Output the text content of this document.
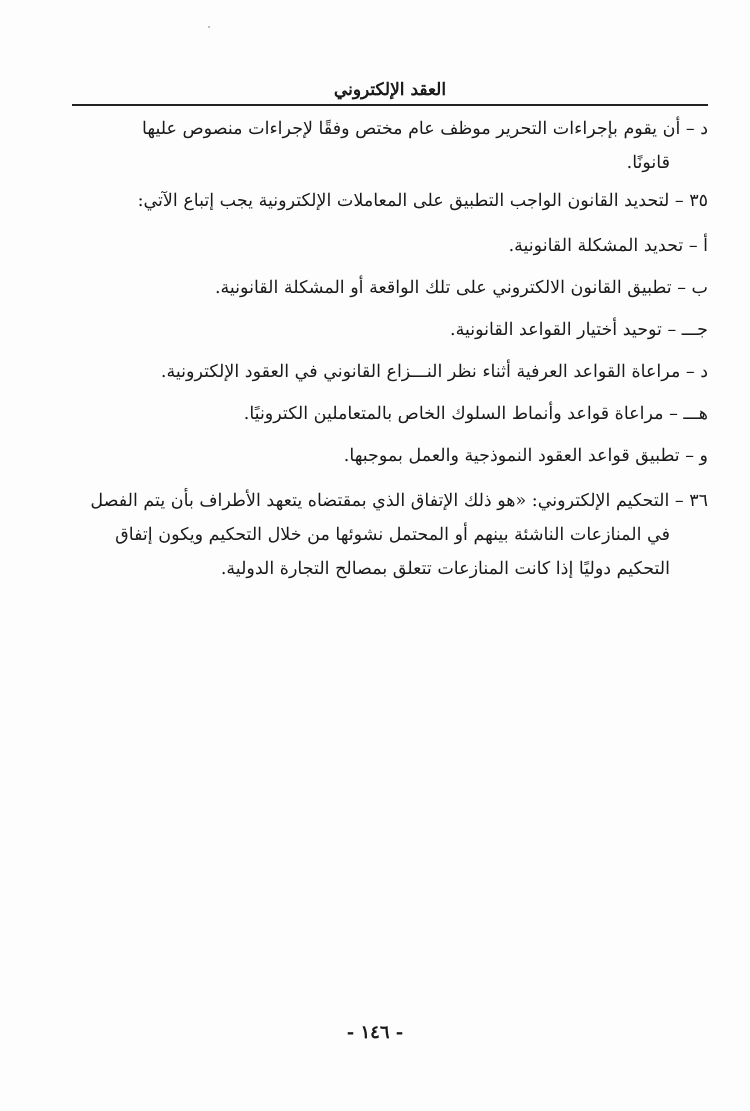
العقد الإلكتروني
د – أن يقوم بإجراءات التحرير موظف عام مختص وفقًا لإجراءات منصوص عليها
قانونًا.
٣٥ – لتحديد القانون الواجب التطبيق على المعاملات الإلكترونية يجب إتباع الآتي:
أ – تحديد المشكلة القانونية.
ب – تطبيق القانون الالكتروني على تلك الواقعة أو المشكلة القانونية.
جـــ – توحيد أختيار القواعد القانونية.
د – مراعاة القواعد العرفية أثناء نظر النـــزاع القانوني في العقود الإلكترونية.
هـــ – مراعاة قواعد وأنماط السلوك الخاص بالمتعاملين الكترونيًا.
و – تطبيق قواعد العقود النموذجية والعمل بموجبها.
٣٦ – التحكيم الإلكتروني: «هو ذلك الإتفاق الذي بمقتضاه يتعهد الأطراف بأن يتم الفصل
في المنازعات الناشئة بينهم أو المحتمل نشوئها من خلال التحكيم ويكون إتفاق
التحكيم دوليًا إذا كانت المنازعات تتعلق بمصالح التجارة الدولية.
- ١٤٦ -
